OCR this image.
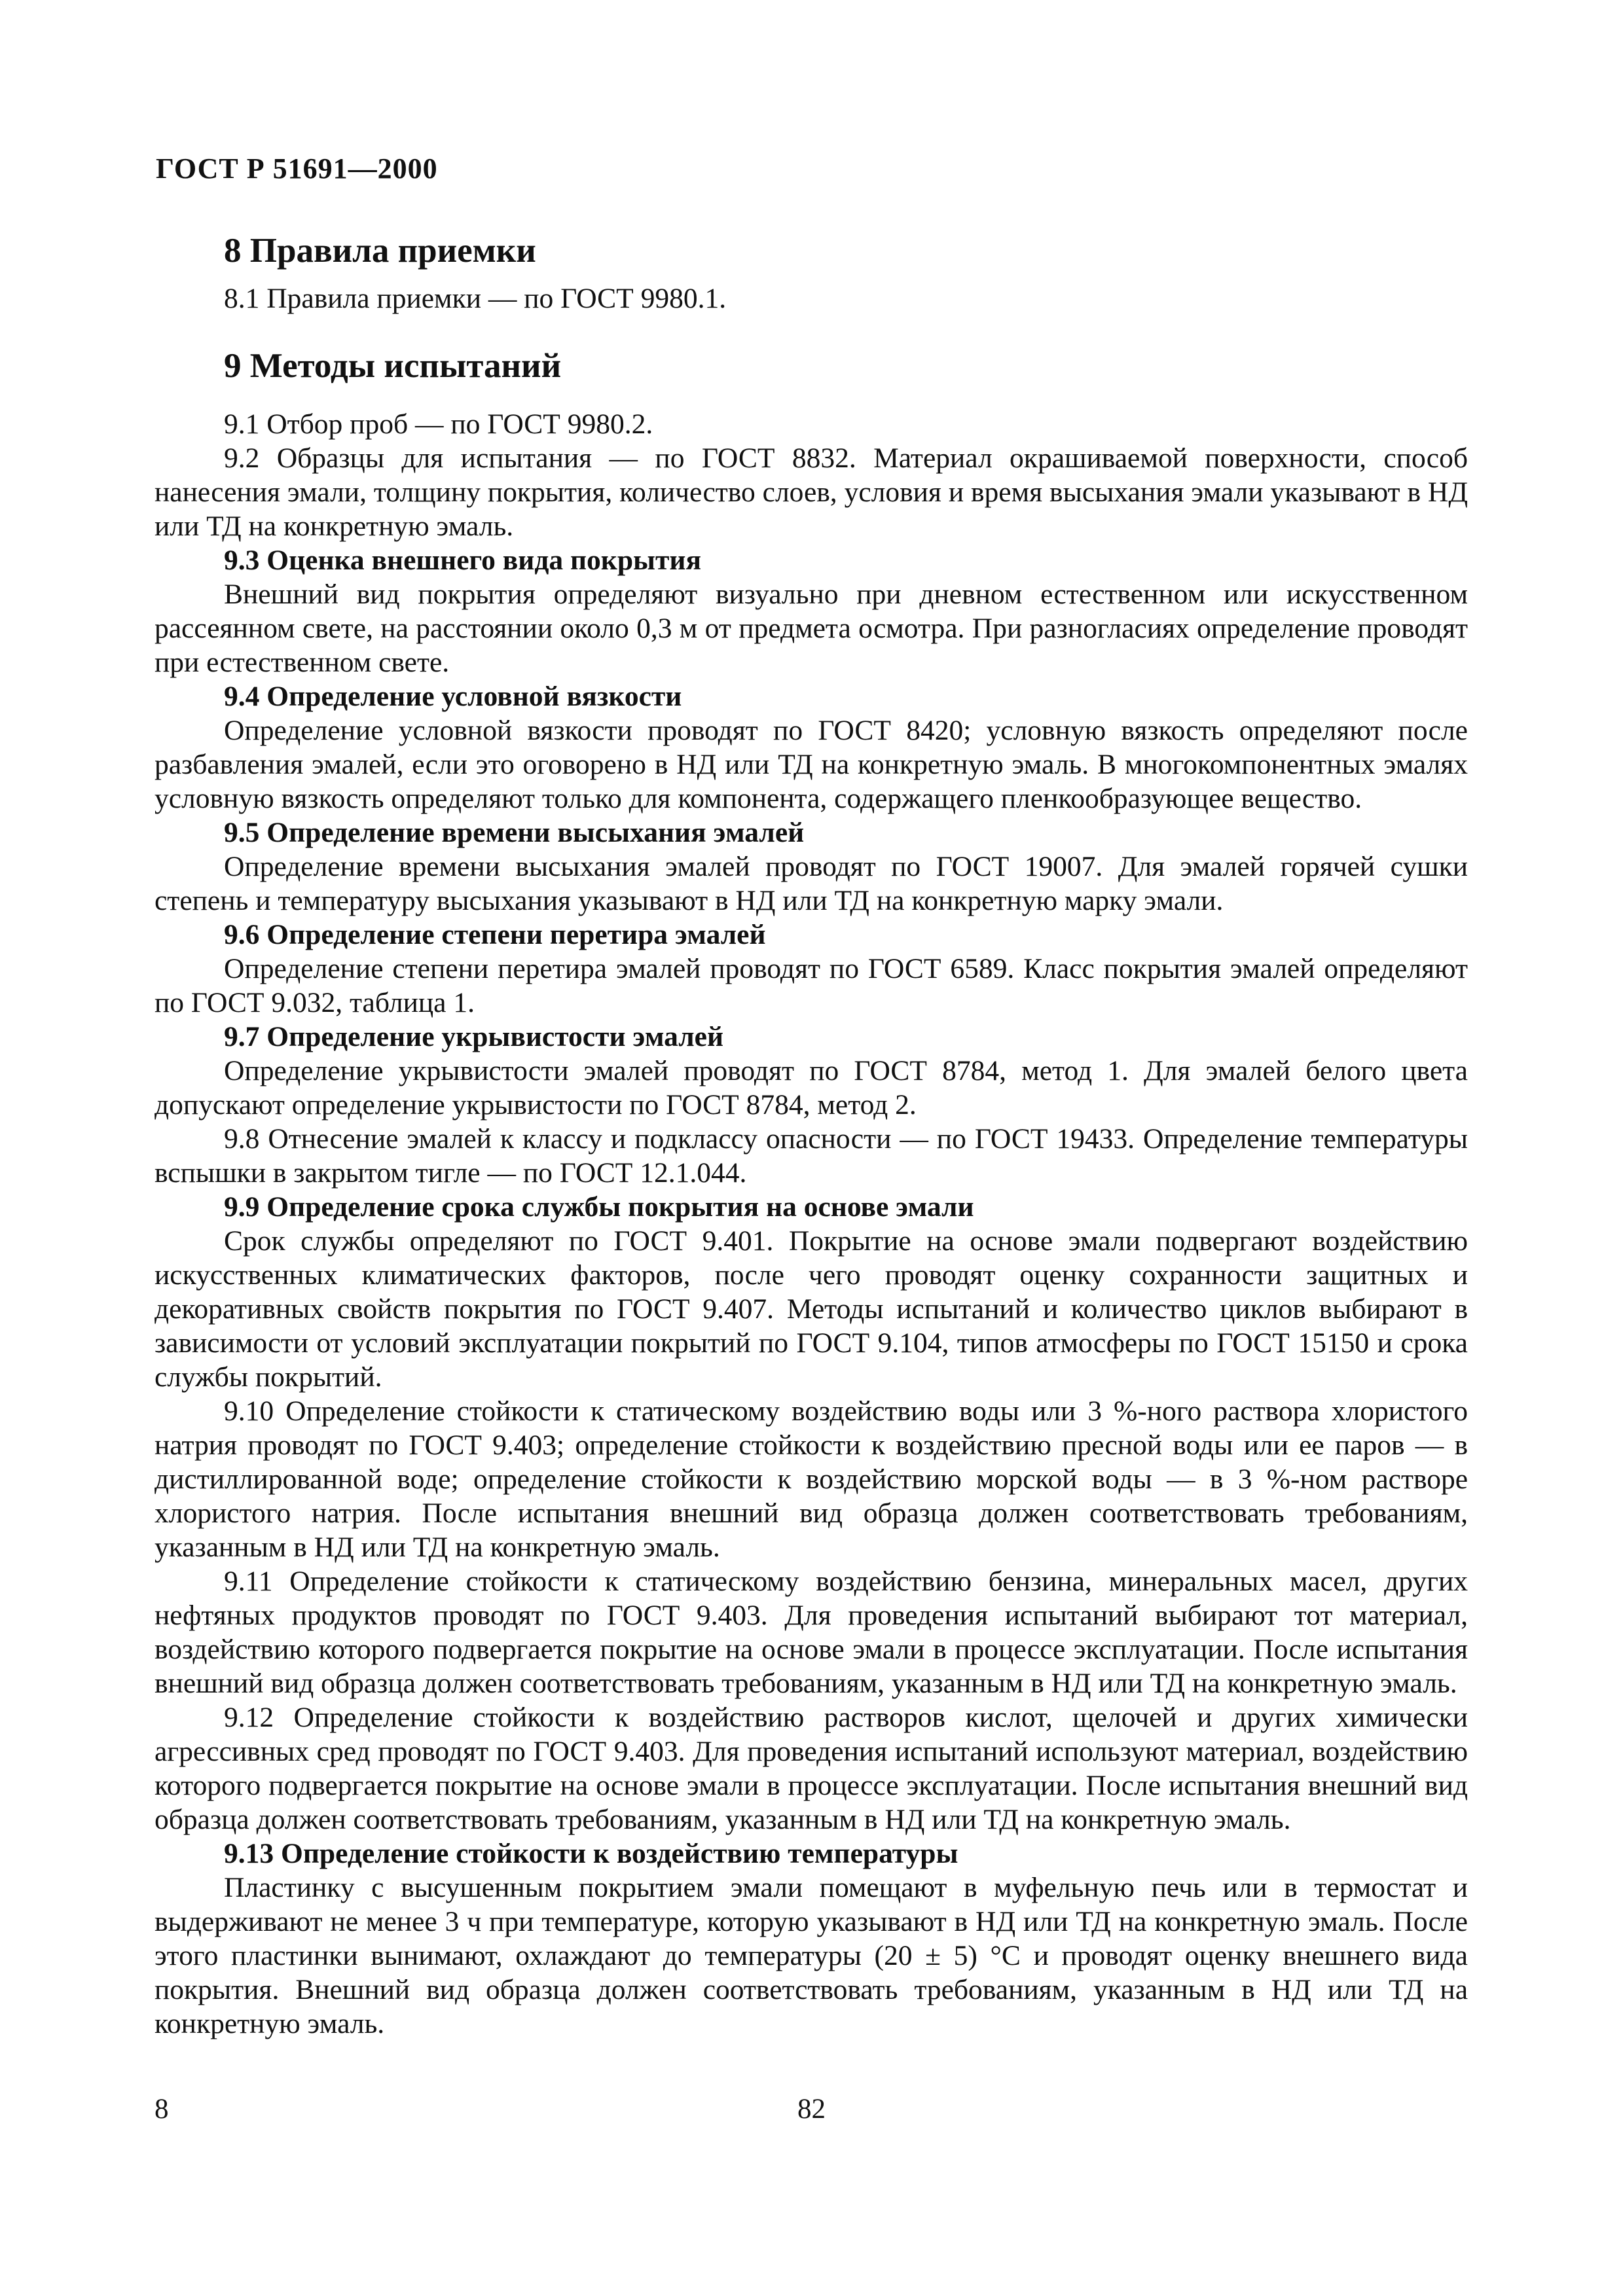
ГОСТ Р 51691—2000
8 Правила приемки

8.1 Правила приемки — по ГОСТ 9980.1.

9 Методы испытаний

9.1 Отбор проб — по ГОСТ 9980.2.

9.2 Образцы для испытания — по ГОСТ 8832. Материал окрашиваемой поверхности, способ нанесения эмали, толщину покрытия, количество слоев, условия и время высыхания эмали указывают в НД или ТД на конкретную эмаль.

9.3 Оценка внешнего вида покрытия

Внешний вид покрытия определяют визуально при дневном естественном или искусственном рассеянном свете, на расстоянии около 0,3 м от предмета осмотра. При разногласиях определение проводят при естественном свете.

9.4 Определение условной вязкости

Определение условной вязкости проводят по ГОСТ 8420; условную вязкость определяют после разбавления эмалей, если это оговорено в НД или ТД на конкретную эмаль. В многокомпонентных эмалях условную вязкость определяют только для компонента, содержащего пленкообразующее вещество.

9.5 Определение времени высыхания эмалей

Определение времени высыхания эмалей проводят по ГОСТ 19007. Для эмалей горячей сушки степень и температуру высыхания указывают в НД или ТД на конкретную марку эмали.

9.6 Определение степени перетира эмалей

Определение степени перетира эмалей проводят по ГОСТ 6589. Класс покрытия эмалей определяют по ГОСТ 9.032, таблица 1.

9.7 Определение укрывистости эмалей

Определение укрывистости эмалей проводят по ГОСТ 8784, метод 1. Для эмалей белого цвета допускают определение укрывистости по ГОСТ 8784, метод 2.

9.8 Отнесение эмалей к классу и подклассу опасности — по ГОСТ 19433. Определение температуры вспышки в закрытом тигле — по ГОСТ 12.1.044.

9.9 Определение срока службы покрытия на основе эмали

Срок службы определяют по ГОСТ 9.401. Покрытие на основе эмали подвергают воздействию искусственных климатических факторов, после чего проводят оценку сохранности защитных и декоративных свойств покрытия по ГОСТ 9.407. Методы испытаний и количество циклов выбирают в зависимости от условий эксплуатации покрытий по ГОСТ 9.104, типов атмосферы по ГОСТ 15150 и срока службы покрытий.

9.10 Определение стойкости к статическому воздействию воды или 3 %-ного раствора хлористого натрия проводят по ГОСТ 9.403; определение стойкости к воздействию пресной воды или ее паров — в дистиллированной воде; определение стойкости к воздействию морской воды — в 3 %-ном растворе хлористого натрия. После испытания внешний вид образца должен соответствовать требованиям, указанным в НД или ТД на конкретную эмаль.

9.11 Определение стойкости к статическому воздействию бензина, минеральных масел, других нефтяных продуктов проводят по ГОСТ 9.403. Для проведения испытаний выбирают тот материал, воздействию которого подвергается покрытие на основе эмали в процессе эксплуатации. После испытания внешний вид образца должен соответствовать требованиям, указанным в НД или ТД на конкретную эмаль.

9.12 Определение стойкости к воздействию растворов кислот, щелочей и других химически агрессивных сред проводят по ГОСТ 9.403. Для проведения испытаний используют материал, воздействию которого подвергается покрытие на основе эмали в процессе эксплуатации. После испытания внешний вид образца должен соответствовать требованиям, указанным в НД или ТД на конкретную эмаль.

9.13 Определение стойкости к воздействию температуры

Пластинку с высушенным покрытием эмали помещают в муфельную печь или в термостат и выдерживают не менее 3 ч при температуре, которую указывают в НД или ТД на конкретную эмаль. После этого пластинки вынимают, охлаждают до температуры (20 ± 5) °С и проводят оценку внешнего вида покрытия. Внешний вид образца должен соответствовать требованиям, указанным в НД или ТД на конкретную эмаль.

8	82
